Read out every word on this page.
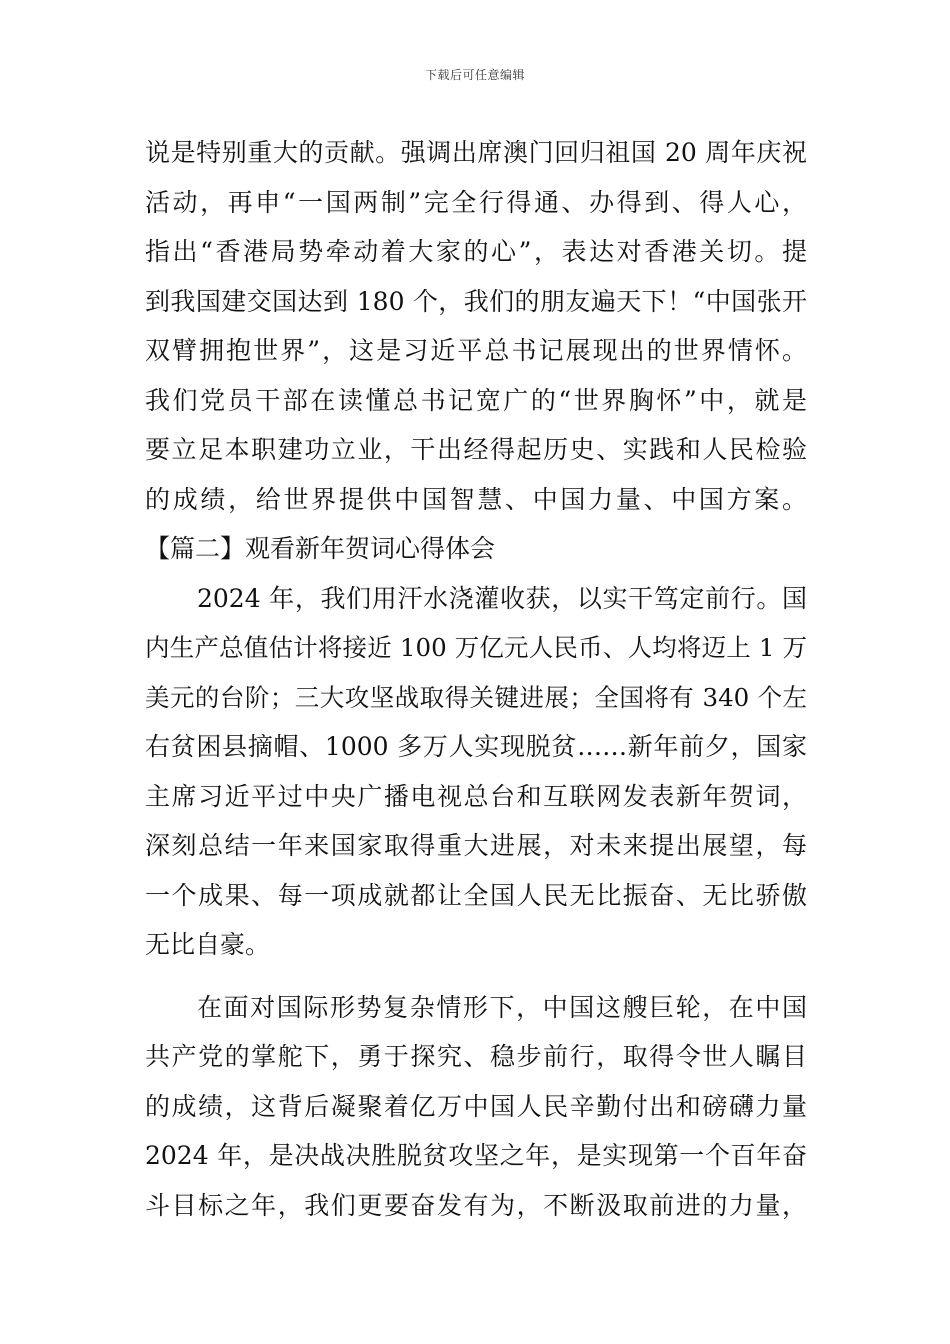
下载后可任意编辑
说是特别重大的贡献。强调出席澳门回归祖国 20 周年庆祝
活动，再申“一国两制”完全行得通、办得到、得人心，
指出“香港局势牵动着大家的心”，表达对香港关切。提
到我国建交国达到 180 个，我们的朋友遍天下！“中国张开
双臂拥抱世界”，这是习近平总书记展现出的世界情怀。
我们党员干部在读懂总书记宽广的“世界胸怀”中，就是
要立足本职建功立业，干出经得起历史、实践和人民检验
的成绩，给世界提供中国智慧、中国力量、中国方案。
【篇二】观看新年贺词心得体会
2024 年，我们用汗水浇灌收获，以实干笃定前行。国
内生产总值估计将接近 100 万亿元人民币、人均将迈上 1 万
美元的台阶；三大攻坚战取得关键进展；全国将有 340 个左
右贫困县摘帽、1000 多万人实现脱贫……新年前夕，国家
主席习近平过中央广播电视总台和互联网发表新年贺词，
深刻总结一年来国家取得重大进展，对未来提出展望，每
一个成果、每一项成就都让全国人民无比振奋、无比骄傲
无比自豪。
在面对国际形势复杂情形下，中国这艘巨轮，在中国
共产党的掌舵下，勇于探究、稳步前行，取得令世人瞩目
的成绩，这背后凝聚着亿万中国人民辛勤付出和磅礴力量
2024 年，是决战决胜脱贫攻坚之年，是实现第一个百年奋
斗目标之年，我们更要奋发有为，不断汲取前进的力量，
